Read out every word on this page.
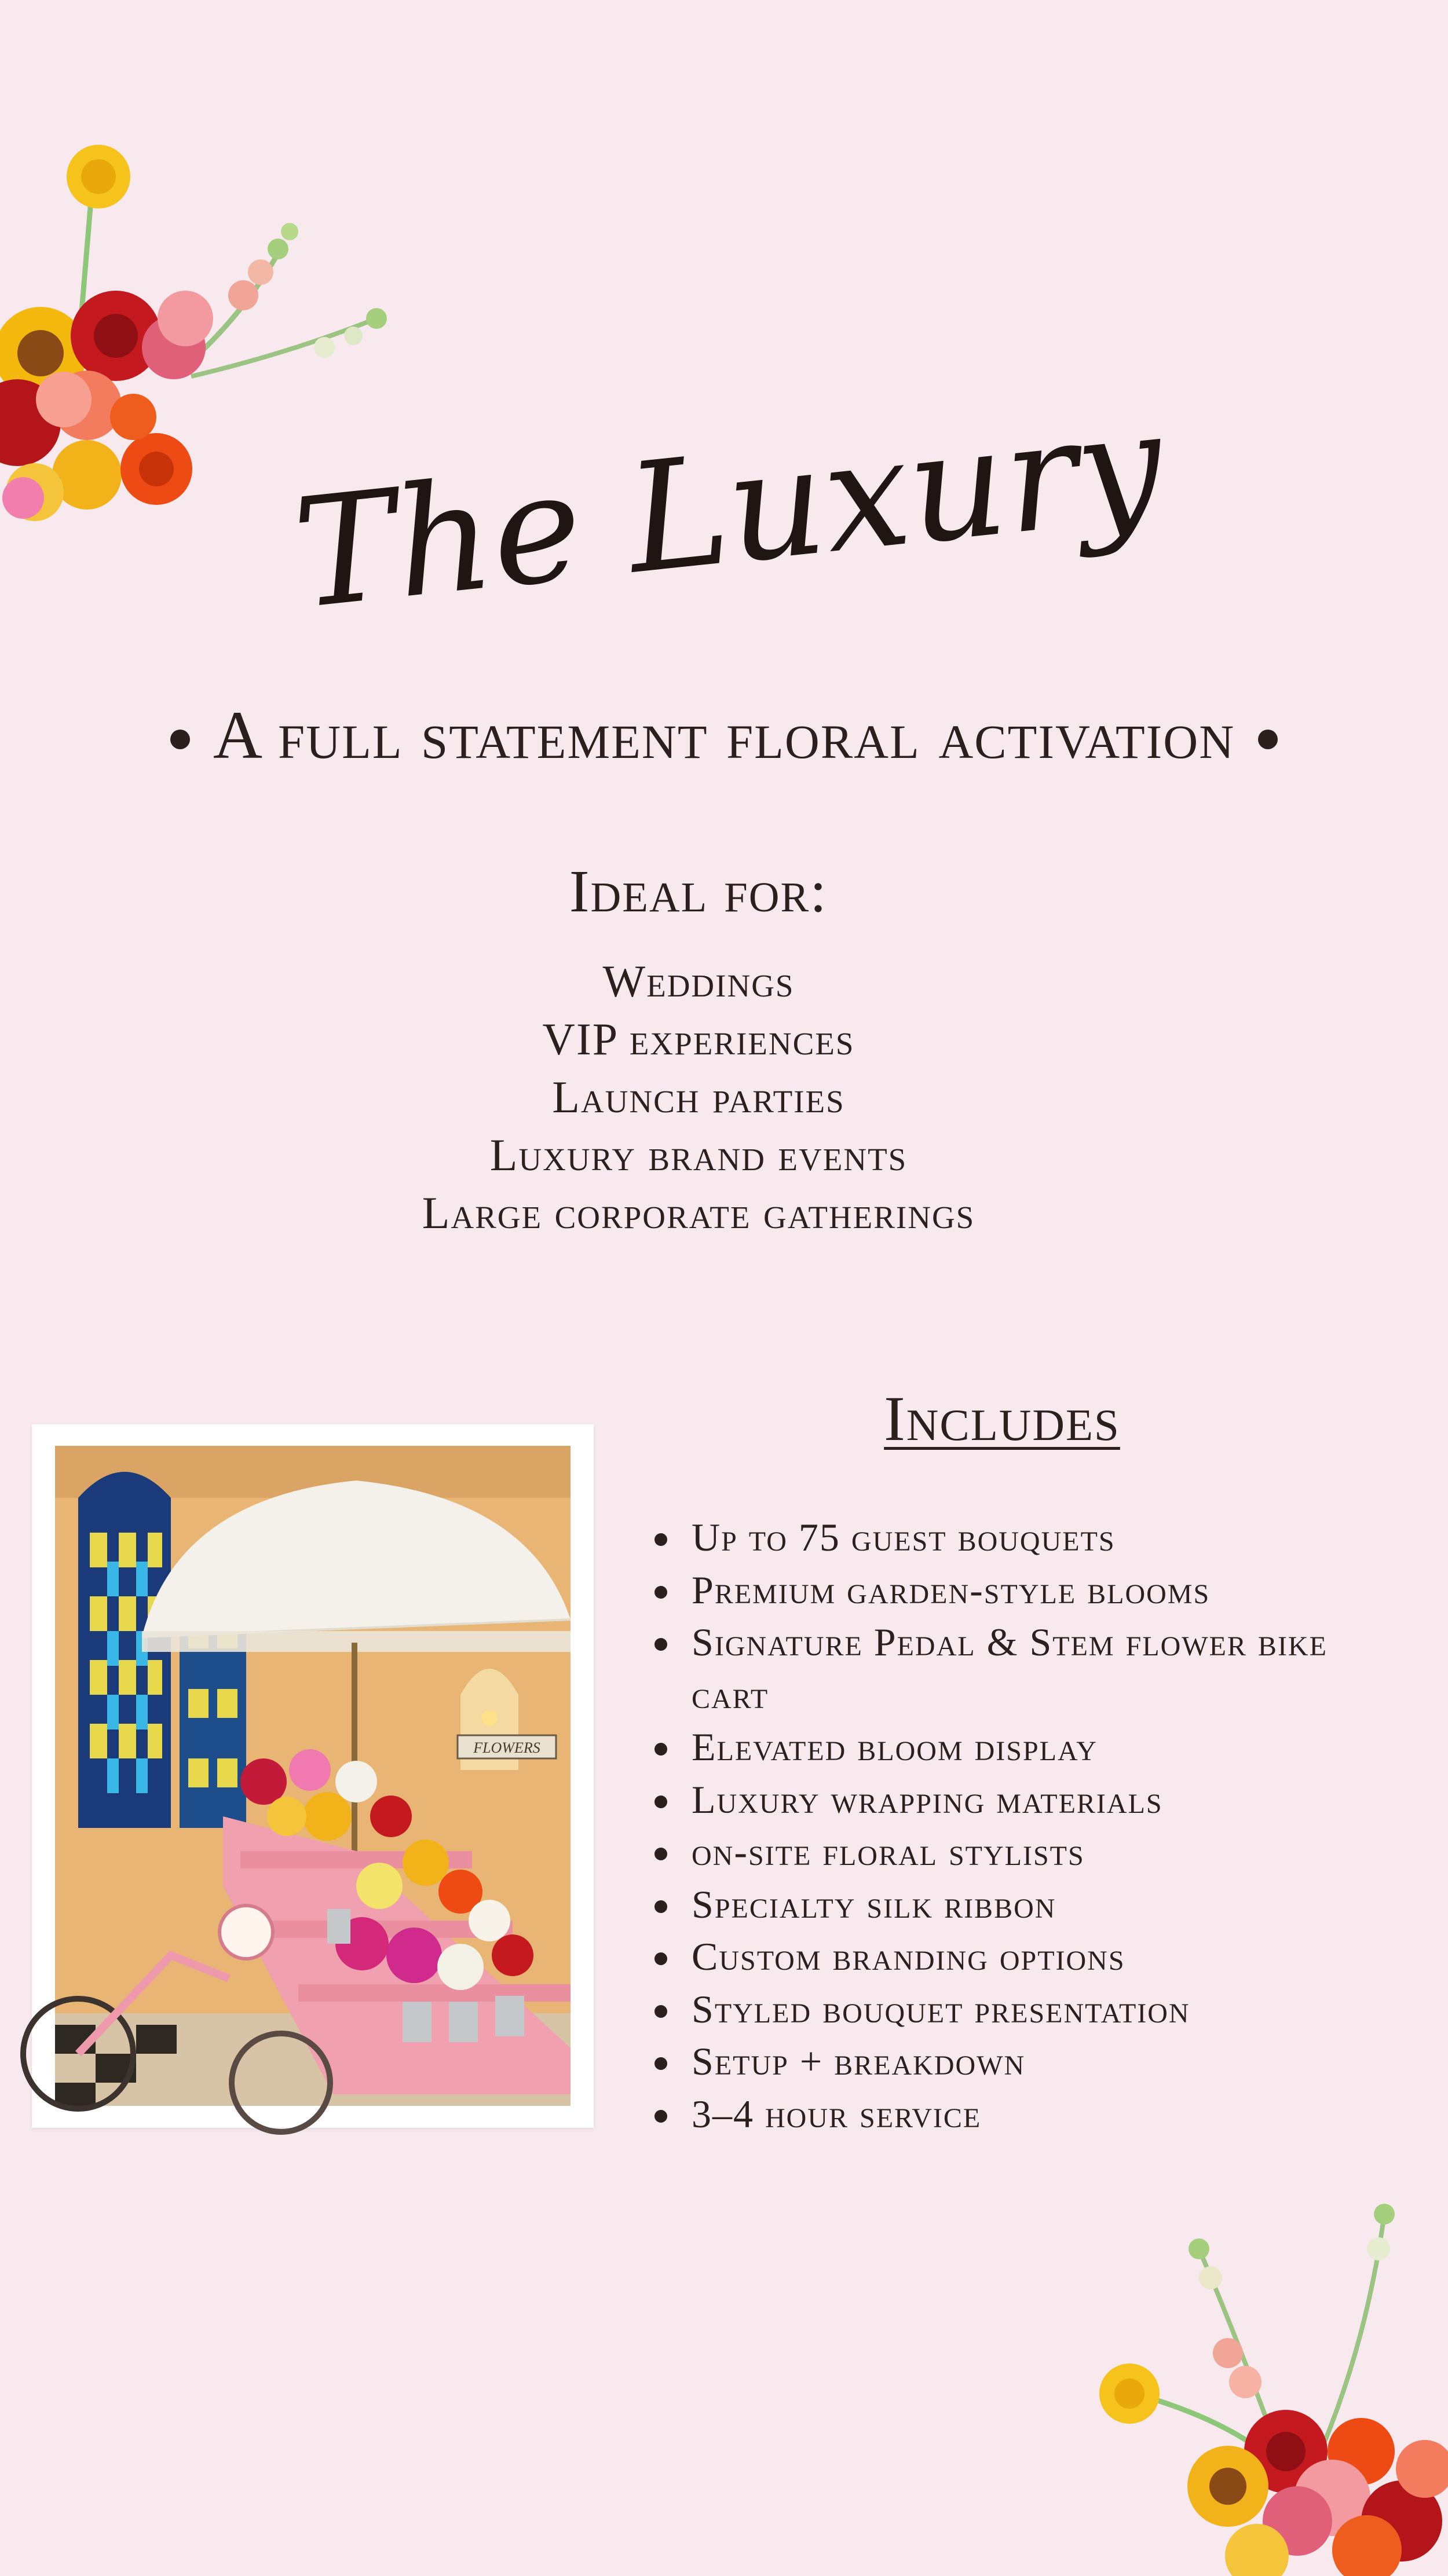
The Luxury
A full statement floral activation
Ideal for:
Weddings
VIP experiences
Launch parties
Luxury brand events
Large corporate gatherings
FLOWERS
Includes
Up to 75 guest bouquets
Premium garden-style blooms
Signature Pedal & Stem flower bike cart
Elevated bloom display
Luxury wrapping materials
on-site floral stylists
Specialty silk ribbon
Custom branding options
Styled bouquet presentation
Setup + breakdown
3–4 hour service
